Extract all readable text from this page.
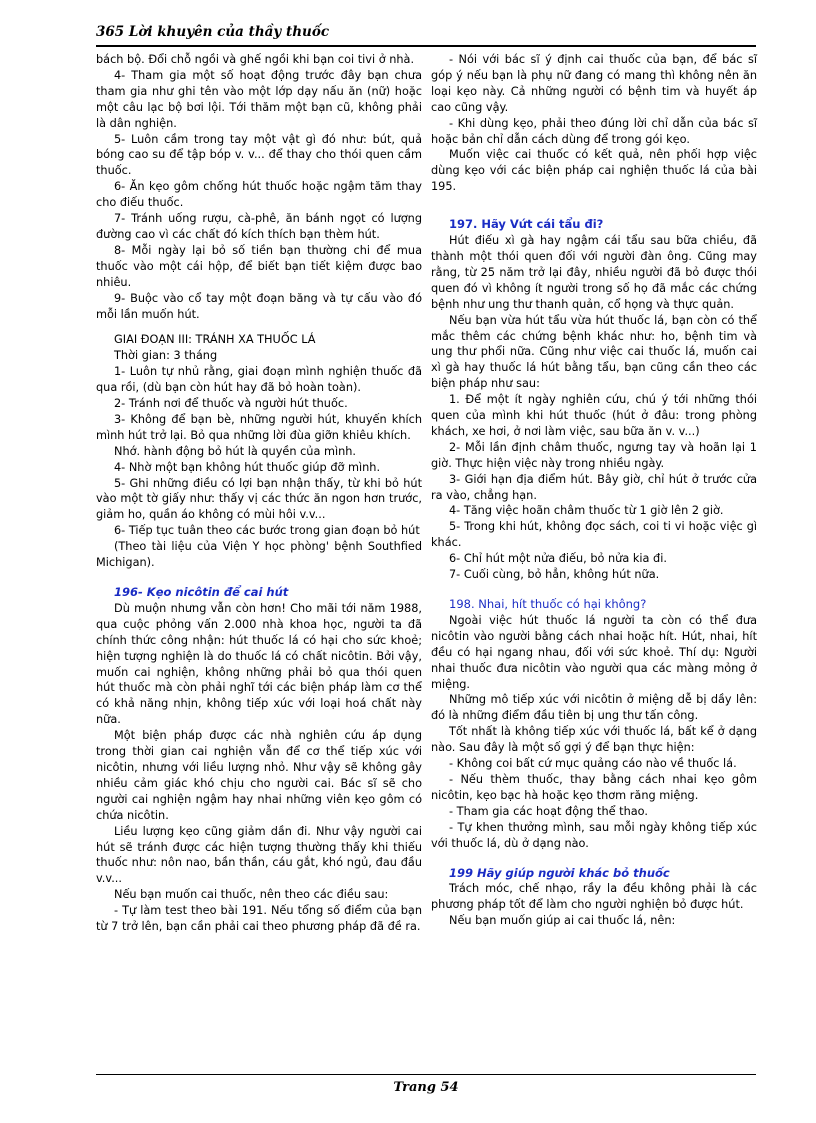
365 Lời khuyên của thầy thuốc

bách bộ. Đổi chỗ ngồi và ghế ngồi khi bạn coi tivi ở nhà.

4- Tham gia một số hoạt động trước đây bạn chưa tham gia như ghi tên vào một lớp dạy nấu ăn (nữ) hoặc một câu lạc bộ bơi lội. Tới thăm một bạn cũ, không phải là dân nghiện.

5- Luôn cầm trong tay một vật gì đó như: bút, quả bóng cao su để tập bóp v. v... để thay cho thói quen cầm thuốc.

6- Ăn kẹo gôm chống hút thuốc hoặc ngậm tăm thay cho điếu thuốc.

7- Tránh uống rượu, cà-phê, ăn bánh ngọt có lượng đường cao vì các chất đó kích thích bạn thèm hút.

8- Mỗi ngày lại bỏ số tiền bạn thường chi để mua thuốc vào một cái hộp, để biết bạn tiết kiệm được bao nhiêu.

9- Buộc vào cổ tay một đoạn băng và tự cấu vào đó mỗi lần muốn hút.

GIAI ĐOẠN III: TRÁNH XA THUỐC LÁ

Thời gian: 3 tháng

1- Luôn tự nhủ rằng, giai đoạn mình nghiện thuốc đã qua rồi, (dù bạn còn hút hay đã bỏ hoàn toàn).

2- Tránh nơi để thuốc và người hút thuốc.

3- Không để bạn bè, những người hút, khuyến khích mình hút trở lại. Bỏ qua những lời đùa giỡn khiêu khích.

Nhớ. hành động bỏ hút là quyền của mình.

4- Nhờ một bạn không hút thuốc giúp đỡ mình.

5- Ghi những điều có lợi bạn nhận thấy, từ khi bỏ hút vào một tờ giấy như: thấy vị các thức ăn ngon hơn trước, giảm ho, quần áo không có mùi hôi v.v...

6- Tiếp tục tuân theo các bước trong gian đoạn bỏ hút

(Theo tài liệu của Viện Y học phòng' bệnh Southfied Michigan).

196- Kẹo nicôtin để cai hút

Dù muộn nhưng vẫn còn hơn! Cho mãi tới năm 1988, qua cuộc phỏng vấn 2.000 nhà khoa học, người ta đã chính thức công nhận: hút thuốc lá có hại cho sức khoẻ; hiện tượng nghiện là do thuốc lá có chất nicôtin. Bởi vậy, muốn cai nghiện, không những phải bỏ qua thói quen hút thuốc mà còn phải nghĩ tới các biện pháp làm cơ thể có khả năng nhịn, không tiếp xúc với loại hoá chất này nữa.

Một biện pháp được các nhà nghiên cứu áp dụng trong thời gian cai nghiện vẫn để cơ thể tiếp xúc với nicôtin, nhưng với liều lượng nhỏ. Như vậy sẽ không gây nhiều cảm giác khó chịu cho người cai. Bác sĩ sẽ cho người cai nghiện ngậm hay nhai những viên kẹo gôm có chứa nicôtin.

Liều lượng kẹo cũng giảm dần đi. Như vậy người cai hút sẽ tránh được các hiện tượng thường thấy khi thiếu thuốc như: nôn nao, bần thần, cáu gắt, khó ngủ, đau đầu v.v...

Nếu bạn muốn cai thuốc, nên theo các điều sau:

- Tự làm test theo bài 191. Nếu tổng số điểm của bạn từ 7 trở lên, bạn cần phải cai theo phương pháp đã đề ra.

- Nói với bác sĩ ý định cai thuốc của bạn, để bác sĩ góp ý nếu bạn là phụ nữ đang có mang thì không nên ăn loại kẹo này. Cả những người có bệnh tim và huyết áp cao cũng vậy.

- Khi dùng kẹo, phải theo đúng lời chỉ dẫn của bác sĩ hoặc bản chỉ dẫn cách dùng để trong gói kẹo.

Muốn việc cai thuốc có kết quả, nên phối hợp việc dùng kẹo với các biện pháp cai nghiện thuốc lá của bài 195.

197. Hãy Vứt cái tẩu đi?

Hút điếu xì gà hay ngậm cái tẩu sau bữa chiều, đã thành một thói quen đối với người đàn ông. Cũng may rằng, từ 25 năm trở lại đây, nhiều người đã bỏ được thói quen đó vì không ít người trong số họ đã mắc các chứng bệnh như ung thư thanh quản, cổ họng và thực quản.

Nếu bạn vừa hút tẩu vừa hút thuốc lá, bạn còn có thể mắc thêm các chứng bệnh khác như: ho, bệnh tim và ung thư phổi nữa. Cũng như việc cai thuốc lá, muốn cai xì gà hay thuốc lá hút bằng tẩu, bạn cũng cần theo các biện pháp như sau:

1. Để một ít ngày nghiên cứu, chú ý tới những thói quen của mình khi hút thuốc (hút ở đâu: trong phòng khách, xe hơi, ở nơi làm việc, sau bữa ăn v. v...)

2- Mỗi lần định châm thuốc, ngưng tay và hoãn lại 1 giờ. Thực hiện việc này trong nhiều ngày.

3- Giới hạn địa điểm hút. Bây giờ, chỉ hút ở trước cửa ra vào, chẳng hạn.

4- Tăng việc hoãn châm thuốc từ 1 giờ lên 2 giờ.

5- Trong khi hút, không đọc sách, coi ti vi hoặc việc gì khác.

6- Chỉ hút một nửa điếu, bỏ nửa kia đi.

7- Cuối cùng, bỏ hẳn, không hút nữa.

198. Nhai, hít thuốc có hại không?

Ngoài việc hút thuốc lá người ta còn có thể đưa nicôtin vào người bằng cách nhai hoặc hít. Hút, nhai, hít đều có hại ngang nhau, đối với sức khoẻ. Thí dụ: Người nhai thuốc đưa nicôtin vào người qua các màng mỏng ở miệng.

Những mô tiếp xúc với nicôtin ở miệng dễ bị dầy lên: đó là những điểm đầu tiên bị ung thư tấn công.

Tốt nhất là không tiếp xúc với thuốc lá, bất kể ở dạng nào. Sau đây là một số gợi ý để bạn thực hiện:

- Không coi bất cứ mục quảng cáo nào về thuốc lá.

- Nếu thèm thuốc, thay bằng cách nhai kẹo gôm nicôtin, kẹo bạc hà hoặc kẹo thơm răng miệng.

- Tham gia các hoạt động thể thao.

- Tự khen thưởng mình, sau mỗi ngày không tiếp xúc với thuốc lá, dù ở dạng nào.

199 Hãy giúp người khác bỏ thuốc

Trách móc, chế nhạo, rầy la đều không phải là các phương pháp tốt để làm cho người nghiện bỏ được hút.

Nếu bạn muốn giúp ai cai thuốc lá, nên:

Trang 54
